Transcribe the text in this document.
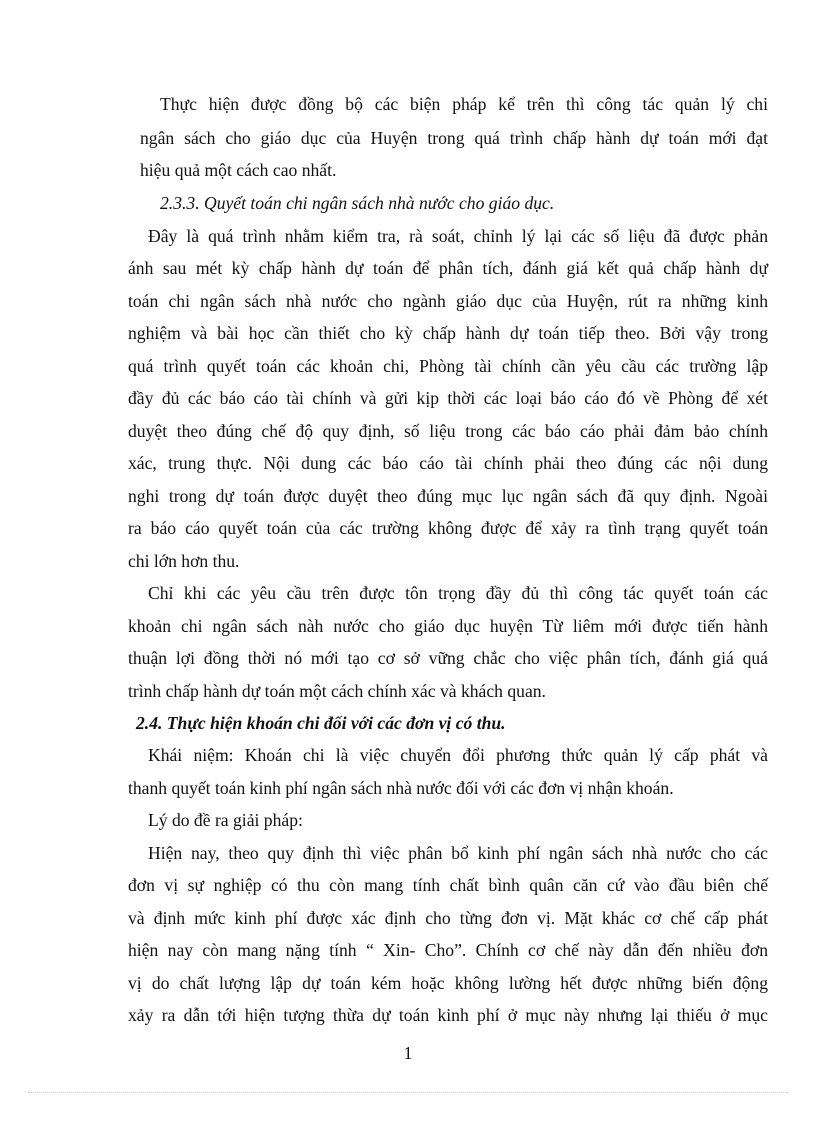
Thực hiện được đồng bộ các biện pháp kể trên thì công tác quản lý chi
ngân sách cho giáo dục của Huyện trong quá trình chấp hành dự toán mới đạt
hiệu quả một cách cao nhất.
2.3.3. Quyết toán chi ngân sách nhà nước cho giáo dục.
Đây là quá trình nhằm kiểm tra, rà soát, chỉnh lý lại các số liệu đã được phản
ánh sau mét kỳ chấp hành dự toán để phân tích, đánh giá kết quả chấp hành dự
toán chi ngân sách nhà nước cho ngành giáo dục của Huyện, rút ra những kinh
nghiệm và bài học cần thiết cho kỳ chấp hành dự toán tiếp theo. Bởi vậy trong
quá trình quyết toán các khoản chi, Phòng tài chính cần yêu cầu các trường lập
đầy đủ các báo cáo tài chính và gửi kịp thời các loại báo cáo đó về Phòng để xét
duyệt theo đúng chế độ quy định, số liệu trong các báo cáo phải đảm bảo chính
xác, trung thực. Nội dung các báo cáo tài chính phải theo đúng các nội dung
nghi trong dự toán được duyệt theo đúng mục lục ngân sách đã quy định. Ngoài
ra báo cáo quyết toán của các trường không được để xảy ra tình trạng quyết toán
chi lớn hơn thu.
Chỉ khi các yêu cầu trên được tôn trọng đầy đủ thì công tác quyết toán các
khoản chi ngân sách nàh nước cho giáo dục huyện Từ liêm mới được tiến hành
thuận lợi đồng thời nó mới tạo cơ sở vững chắc cho việc phân tích, đánh giá quá
trình chấp hành dự toán một cách chính xác và khách quan.
2.4. Thực hiện khoán chi đối với các đơn vị có thu.
Khái niệm: Khoán chi là việc chuyển đổi phương thức quản lý cấp phát và
thanh quyết toán kinh phí ngân sách nhà nước đối với các đơn vị nhận khoán.
Lý do đề ra giải pháp:
Hiện nay, theo quy định thì việc phân bổ kinh phí ngân sách nhà nước cho các
đơn vị sự nghiệp có thu còn mang tính chất bình quân căn cứ vào đầu biên chế
và định mức kinh phí được xác định cho từng đơn vị. Mặt khác cơ chế cấp phát
hiện nay còn mang nặng tính “ Xin- Cho”. Chính cơ chế này dẫn đến nhiều đơn
vị do chất lượng lập dự toán kém hoặc không lường hết được những biến động
xảy ra dẫn tới hiện tượng thừa dự toán kinh phí ở mục này nhưng lại thiếu ở mục
1
